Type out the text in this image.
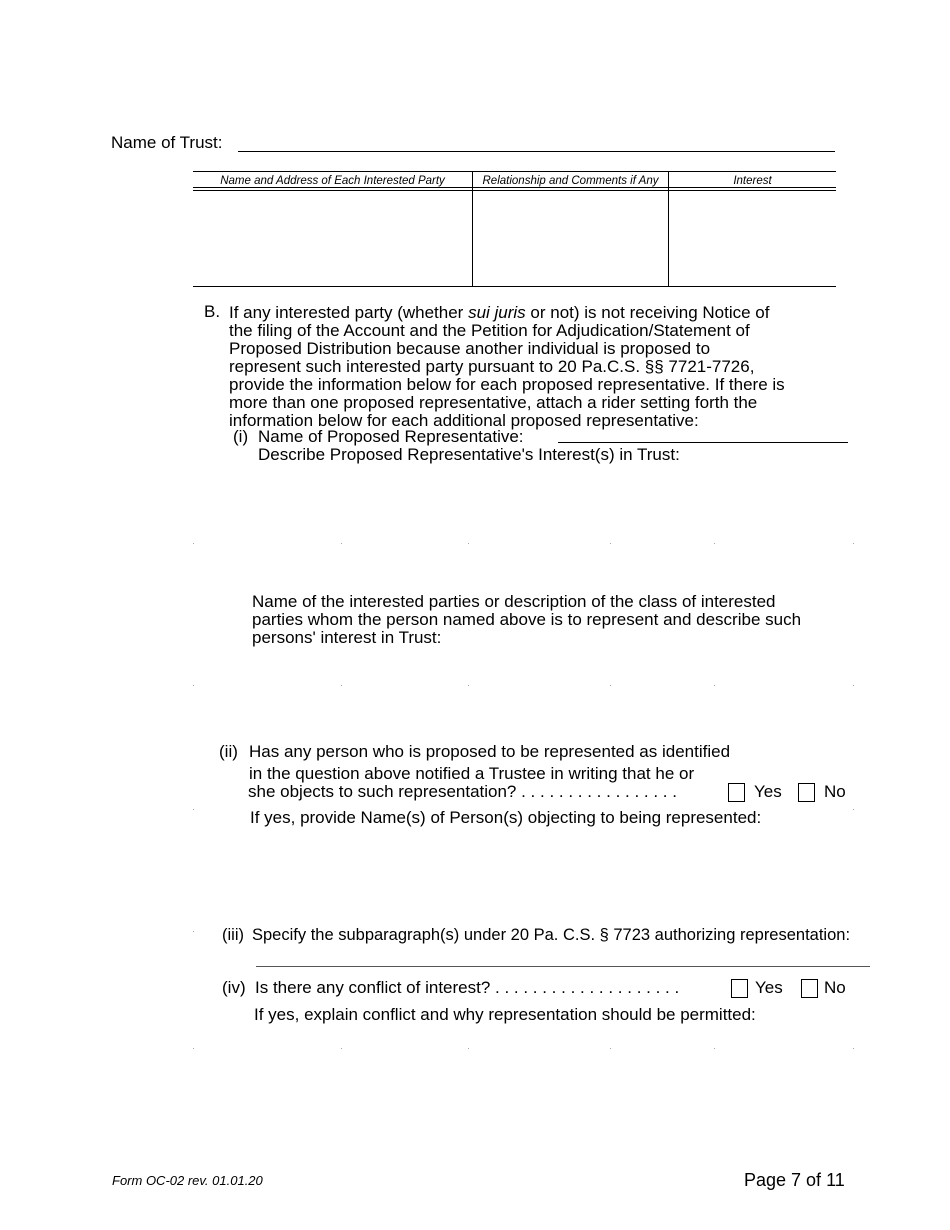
Name of Trust:
Name and Address of Each Interested Party	Relationship and Comments if Any	Interest
B. If any interested party (whether sui juris or not) is not receiving Notice of
the filing of the Account and the Petition for Adjudication/Statement of
Proposed Distribution because another individual is proposed to
represent such interested party pursuant to 20 Pa.C.S. §§ 7721-7726,
provide the information below for each proposed representative. If there is
more than one proposed representative, attach a rider setting forth the
information below for each additional proposed representative:
(i) Name of Proposed Representative:
Describe Proposed Representative's Interest(s) in Trust:
·	·	·	·	·	·
Name of the interested parties or description of the class of interested
parties whom the person named above is to represent and describe such
persons' interest in Trust:
·	·	·	·	·	·
(ii) Has any person who is proposed to be represented as identified
in the question above notified a Trustee in writing that he or
she objects to such representation? . . . . . . . . . . . . . . . . .	Yes No
If yes, provide Name(s) of Person(s) objecting to being represented:
·	·
(iii) Specify the subparagraph(s) under 20 Pa. C.S. § 7723 authorizing representation:
·
(iv) Is there any conflict of interest? . . . . . . . . . . . . . . . . . . . .	Yes No
If yes, explain conflict and why representation should be permitted:
·	·	·	·	·	·
Form OC-02 rev. 01.01.20	Page 7 of 11
